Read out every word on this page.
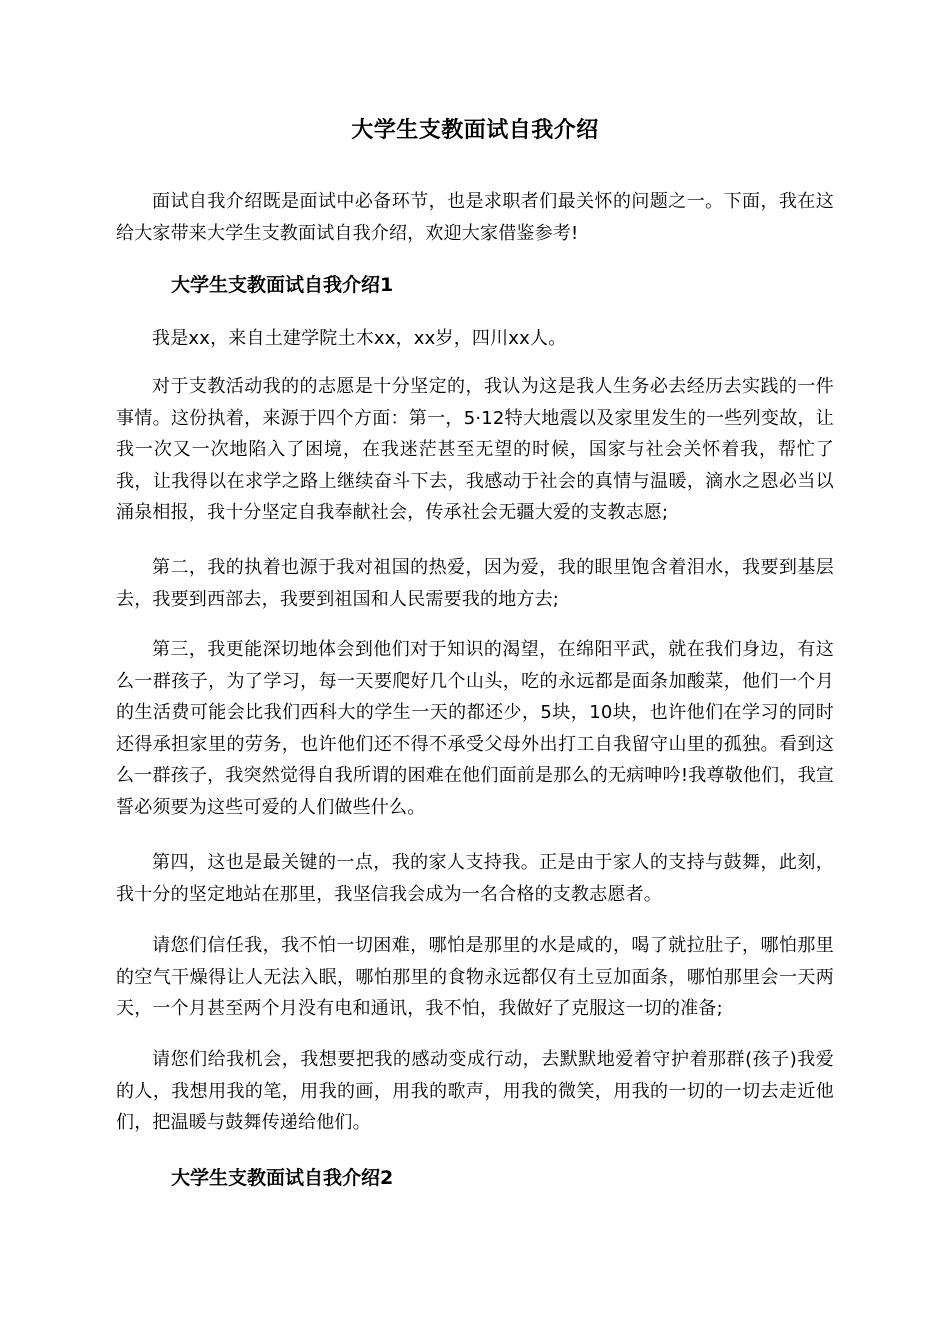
大学生支教面试自我介绍

面试自我介绍既是面试中必备环节，也是求职者们最关怀的问题之一。下面，我在这给大家带来大学生支教面试自我介绍，欢迎大家借鉴参考!

大学生支教面试自我介绍1

我是xx，来自土建学院土木xx，xx岁，四川xx人。

对于支教活动我的的志愿是十分坚定的，我认为这是我人生务必去经历去实践的一件事情。这份执着，来源于四个方面：第一，5·12特大地震以及家里发生的一些列变故，让我一次又一次地陷入了困境，在我迷茫甚至无望的时候，国家与社会关怀着我，帮忙了我，让我得以在求学之路上继续奋斗下去，我感动于社会的真情与温暖，滴水之恩必当以涌泉相报，我十分坚定自我奉献社会，传承社会无疆大爱的支教志愿;

第二，我的执着也源于我对祖国的热爱，因为爱，我的眼里饱含着泪水，我要到基层去，我要到西部去，我要到祖国和人民需要我的地方去;

第三，我更能深切地体会到他们对于知识的渴望，在绵阳平武，就在我们身边，有这么一群孩子，为了学习，每一天要爬好几个山头，吃的永远都是面条加酸菜，他们一个月的生活费可能会比我们西科大的学生一天的都还少，5块，10块，也许他们在学习的同时还得承担家里的劳务，也许他们还不得不承受父母外出打工自我留守山里的孤独。看到这么一群孩子，我突然觉得自我所谓的困难在他们面前是那么的无病呻吟!我尊敬他们，我宣誓必须要为这些可爱的人们做些什么。

第四，这也是最关键的一点，我的家人支持我。正是由于家人的支持与鼓舞，此刻，我十分的坚定地站在那里，我坚信我会成为一名合格的支教志愿者。

请您们信任我，我不怕一切困难，哪怕是那里的水是咸的，喝了就拉肚子，哪怕那里的空气干燥得让人无法入眠，哪怕那里的食物永远都仅有土豆加面条，哪怕那里会一天两天，一个月甚至两个月没有电和通讯，我不怕，我做好了克服这一切的准备;

请您们给我机会，我想要把我的感动变成行动，去默默地爱着守护着那群(孩子)我爱的人，我想用我的笔，用我的画，用我的歌声，用我的微笑，用我的一切的一切去走近他们，把温暖与鼓舞传递给他们。

大学生支教面试自我介绍2
